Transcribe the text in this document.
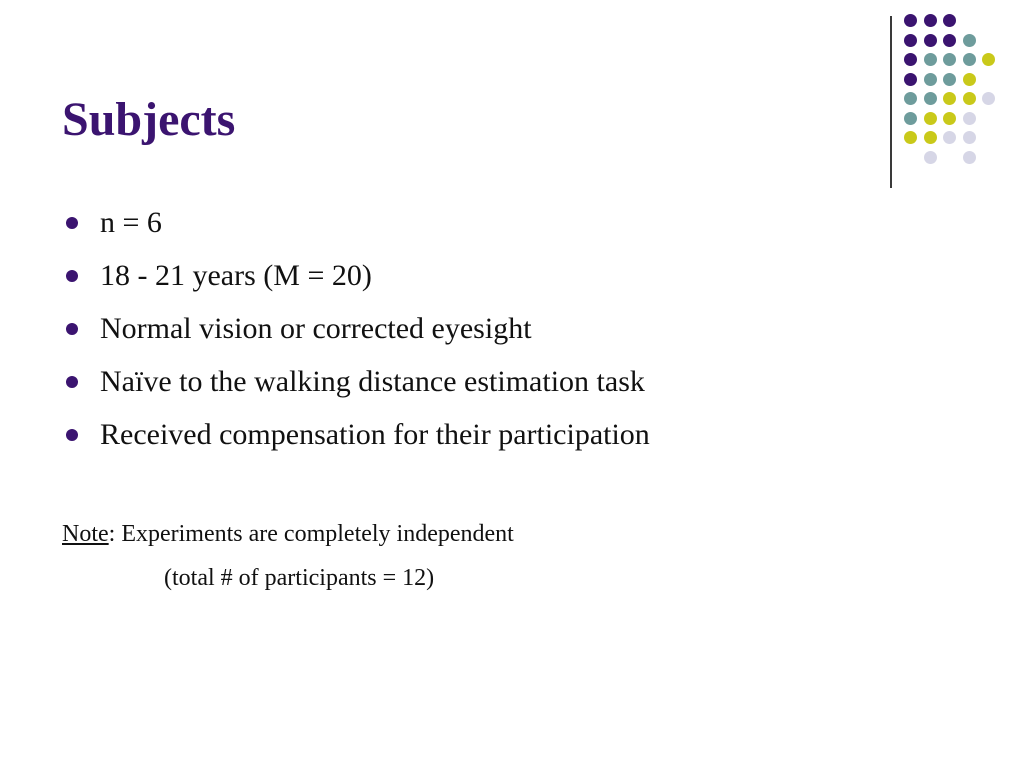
Subjects
n = 6
18 - 21 years (M = 20)
Normal vision or corrected eyesight
Naïve to the walking distance estimation task
Received compensation for their participation
Note: Experiments are completely independent
(total # of participants = 12)
